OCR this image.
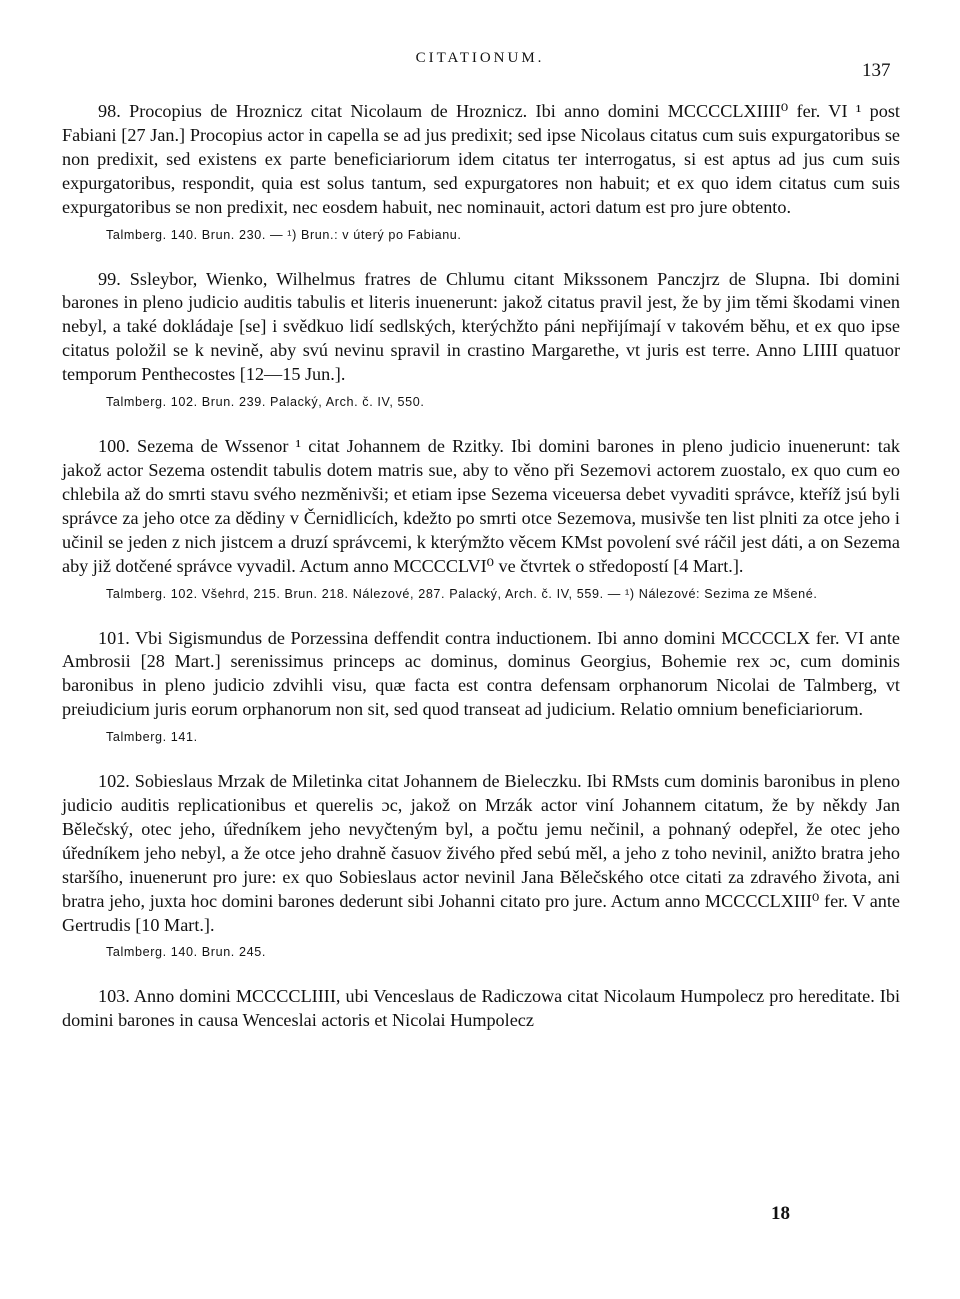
CITATIONUM.
137

98. Procopius de Hroznicz citat Nicolaum de Hroznicz. Ibi anno domini MCCCCLXIIII⁰ fer. VI ¹ post Fabiani [27 Jan.] Procopius actor in capella se ad jus predixit; sed ipse Nicolaus citatus cum suis expurgatoribus se non predixit, sed existens ex parte beneficiariorum idem citatus ter interrogatus, si est aptus ad jus cum suis expurgatoribus, respondit, quia est solus tantum, sed expurgatores non habuit; et ex quo idem citatus cum suis expurgatoribus se non predixit, nec eosdem habuit, nec nominauit, actori datum est pro jure obtento.

Talmberg. 140. Brun. 230. — ¹) Brun.: v úterý po Fabianu.

99. Ssleybor, Wienko, Wilhelmus fratres de Chlumu citant Mikssonem Panczjrz de Slupna. Ibi domini barones in pleno judicio auditis tabulis et literis inuenerunt: jakož citatus pravil jest, že by jim těmi škodami vinen nebyl, a také dokládaje [se] i svědkuo lidí sedlských, kterýchžto páni nepřijímají v takovém běhu, et ex quo ipse citatus položil se k nevině, aby svú nevinu spravil in crastino Margarethe, vt juris est terre. Anno LIIII quatuor temporum Penthecostes [12—15 Jun.].

Talmberg. 102. Brun. 239. Palacký, Arch. č. IV, 550.

100. Sezema de Wssenor ¹ citat Johannem de Rzitky. Ibi domini barones in pleno judicio inuenerunt: tak jakož actor Sezema ostendit tabulis dotem matris sue, aby to věno při Sezemovi actorem zuostalo, ex quo cum eo chlebila až do smrti stavu svého nezměnivši; et etiam ipse Sezema viceuersa debet vyvaditi správce, kteříž jsú byli správce za jeho otce za dědiny v Černidlicích, kdežto po smrti otce Sezemova, musivše ten list plniti za otce jeho i učinil se jeden z nich jistcem a druzí správcemi, k kterýmžto věcem KMst povolení své ráčil jest dáti, a on Sezema aby již dotčené správce vyvadil. Actum anno MCCCCLVI⁰ ve čtvrtek o středopostí [4 Mart.].

Talmberg. 102. Všehrd, 215. Brun. 218. Nálezové, 287. Palacký, Arch. č. IV, 559. — ¹) Nálezové: Sezima ze Mšené.

101. Vbi Sigismundus de Porzessina deffendit contra inductionem. Ibi anno domini MCCCCLX fer. VI ante Ambrosii [28 Mart.] serenissimus princeps ac dominus, dominus Georgius, Bohemie rex ɔc, cum dominis baronibus in pleno judicio zdvihli visu, quæ facta est contra defensam orphanorum Nicolai de Talmberg, vt preiudicium juris eorum orphanorum non sit, sed quod transeat ad judicium. Relatio omnium beneficiariorum.

Talmberg. 141.

102. Sobieslaus Mrzak de Miletinka citat Johannem de Bieleczku. Ibi RMsts cum dominis baronibus in pleno judicio auditis replicationibus et querelis ɔc, jakož on Mrzák actor viní Johannem citatum, že by někdy Jan Bělečský, otec jeho, úředníkem jeho nevyčteným byl, a počtu jemu nečinil, a pohnaný odepřel, že otec jeho úředníkem jeho nebyl, a že otce jeho drahně časuov živého před sebú měl, a jeho z toho nevinil, anižto bratra jeho staršího, inuenerunt pro jure: ex quo Sobieslaus actor nevinil Jana Bělečského otce citati za zdravého života, ani bratra jeho, juxta hoc domini barones dederunt sibi Johanni citato pro jure. Actum anno MCCCCLXIII⁰ fer. V ante Gertrudis [10 Mart.].

Talmberg. 140. Brun. 245.

103. Anno domini MCCCCLIIII, ubi Venceslaus de Radiczowa citat Nicolaum Humpolecz pro hereditate. Ibi domini barones in causa Wenceslai actoris et Nicolai Humpolecz

18
